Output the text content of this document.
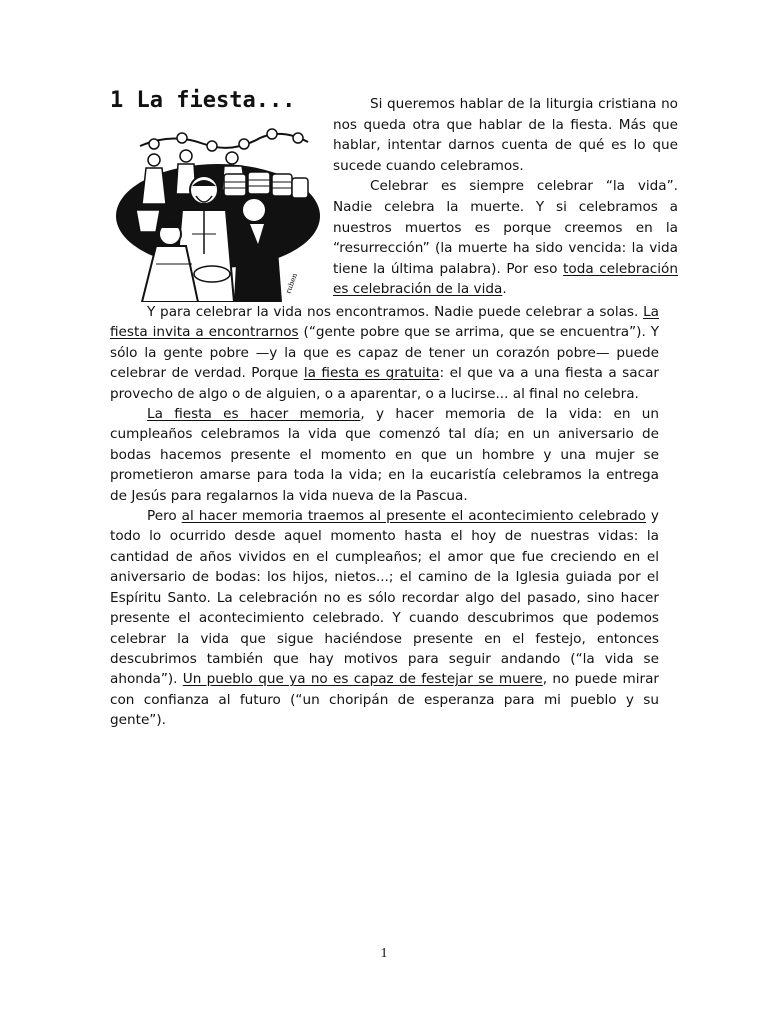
1 La fiesta...
ruben

Si queremos hablar de la liturgia cristiana no nos queda otra que hablar de la fiesta. Más que hablar, intentar darnos cuenta de qué es lo que sucede cuando celebramos.

Celebrar es siempre celebrar “la vida”. Nadie celebra la muerte. Y si celebramos a nuestros muertos es porque creemos en la “resurrección” (la muerte ha sido vencida: la vida tiene la última palabra). Por eso toda celebración es celebración de la vida.

Y para celebrar la vida nos encontramos. Nadie puede celebrar a solas. La fiesta invita a encontrarnos (“gente pobre que se arrima, que se encuentra”). Y sólo la gente pobre —y la que es capaz de tener un corazón pobre— puede celebrar de verdad. Porque la fiesta es gratuita: el que va a una fiesta a sacar provecho de algo o de alguien, o a aparentar, o a lucirse... al final no celebra.

La fiesta es hacer memoria, y hacer memoria de la vida: en un cumpleaños celebramos la vida que comenzó tal día; en un aniversario de bodas hacemos presente el momento en que un hombre y una mujer se prometieron amarse para toda la vida; en la eucaristía celebramos la entrega de Jesús para regalarnos la vida nueva de la Pascua.

Pero al hacer memoria traemos al presente el acontecimiento celebrado y todo lo ocurrido desde aquel momento hasta el hoy de nuestras vidas: la cantidad de años vividos en el cumpleaños; el amor que fue creciendo en el aniversario de bodas: los hijos, nietos...; el camino de la Iglesia guiada por el Espíritu Santo. La celebración no es sólo recordar algo del pasado, sino hacer presente el acontecimiento celebrado. Y cuando descubrimos que podemos celebrar la vida que sigue haciéndose presente en el festejo, entonces descubrimos también que hay motivos para seguir andando (“la vida se ahonda”). Un pueblo que ya no es capaz de festejar se muere, no puede mirar con confianza al futuro (“un choripán de esperanza para mi pueblo y su gente”).

1
